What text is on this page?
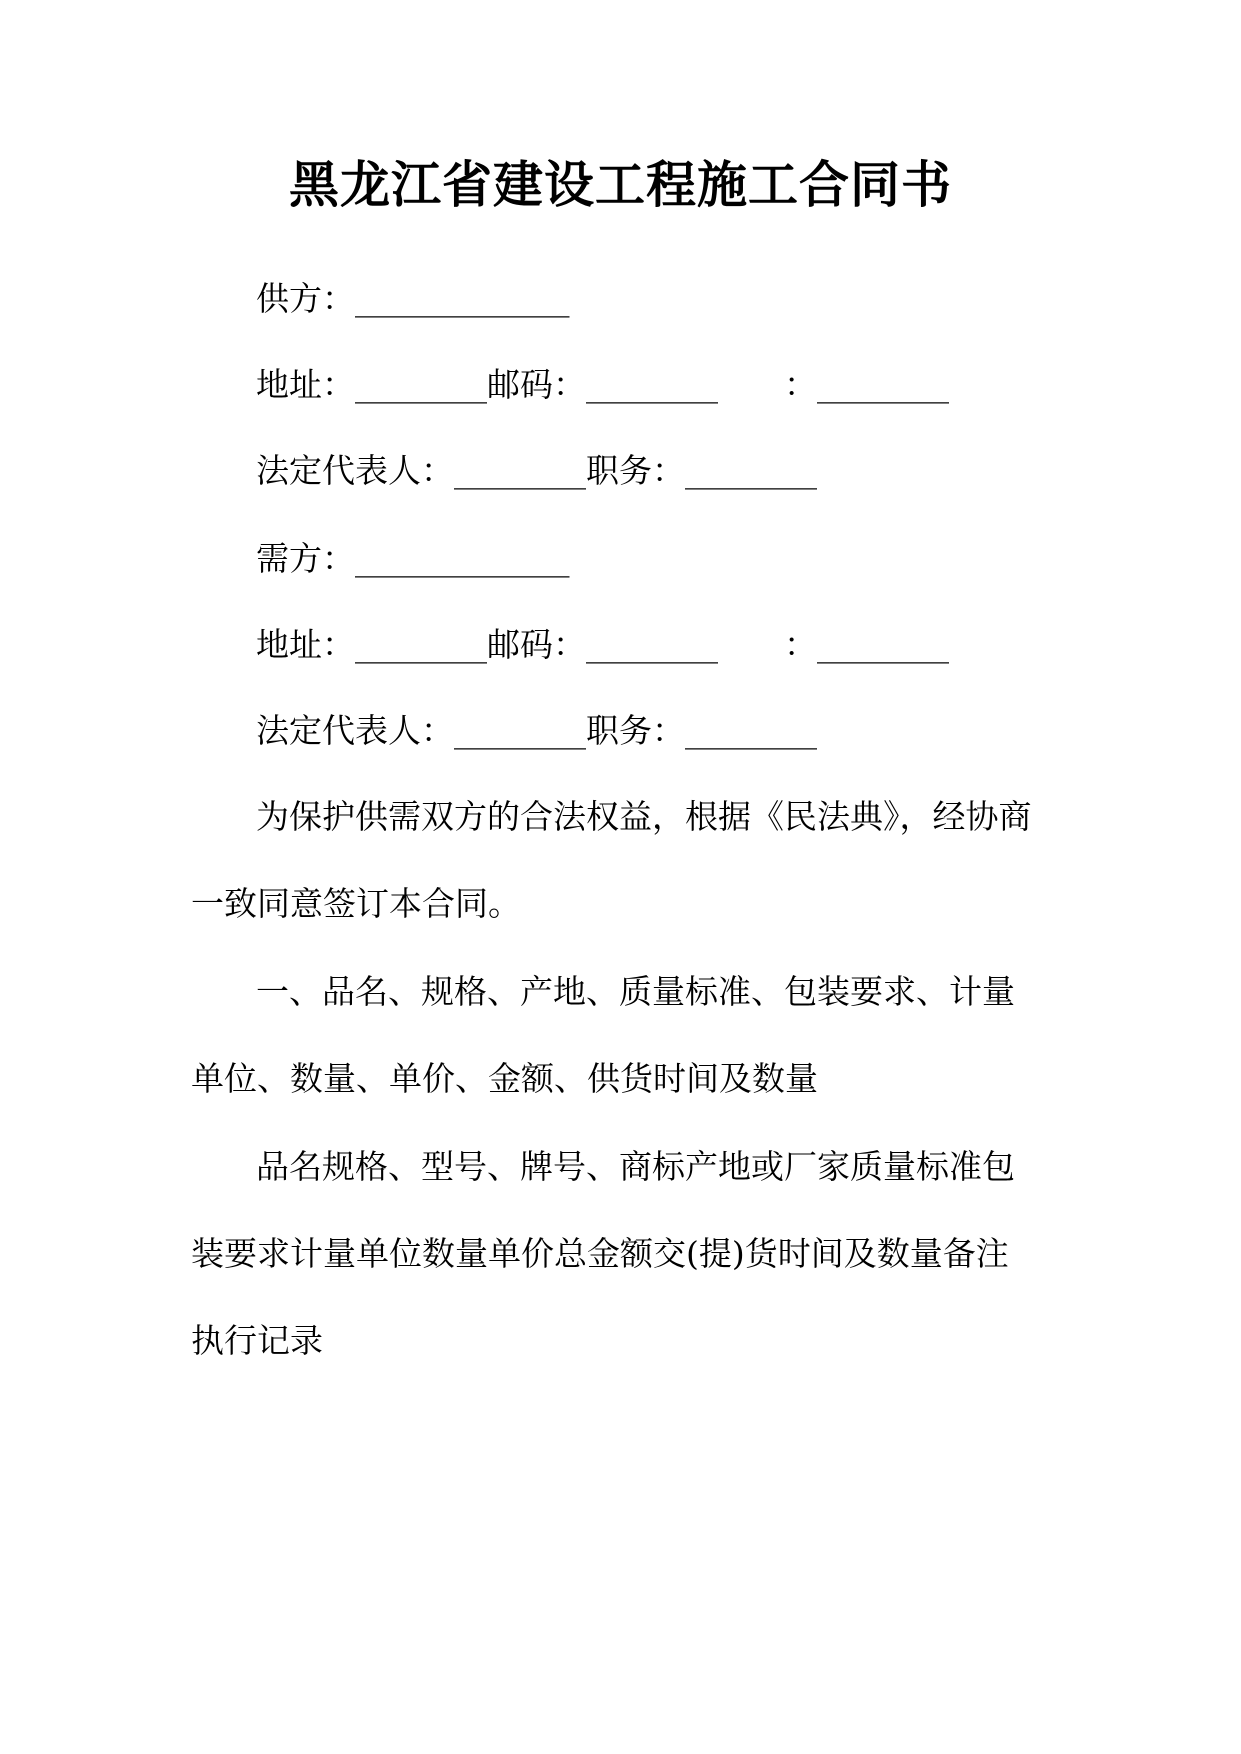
黑龙江省建设工程施工合同书
供方：_____________
地址：________邮码：________　　：________
法定代表人：________职务：________
需方：_____________
地址：________邮码：________　　：________
法定代表人：________职务：________
为保护供需双方的合法权益，根据《民法典》，经协商
一致同意签订本合同。
一、品名、规格、产地、质量标准、包装要求、计量
单位、数量、单价、金额、供货时间及数量
品名规格、型号、牌号、商标产地或厂家质量标准包
装要求计量单位数量单价总金额交(提)货时间及数量备注
执行记录
